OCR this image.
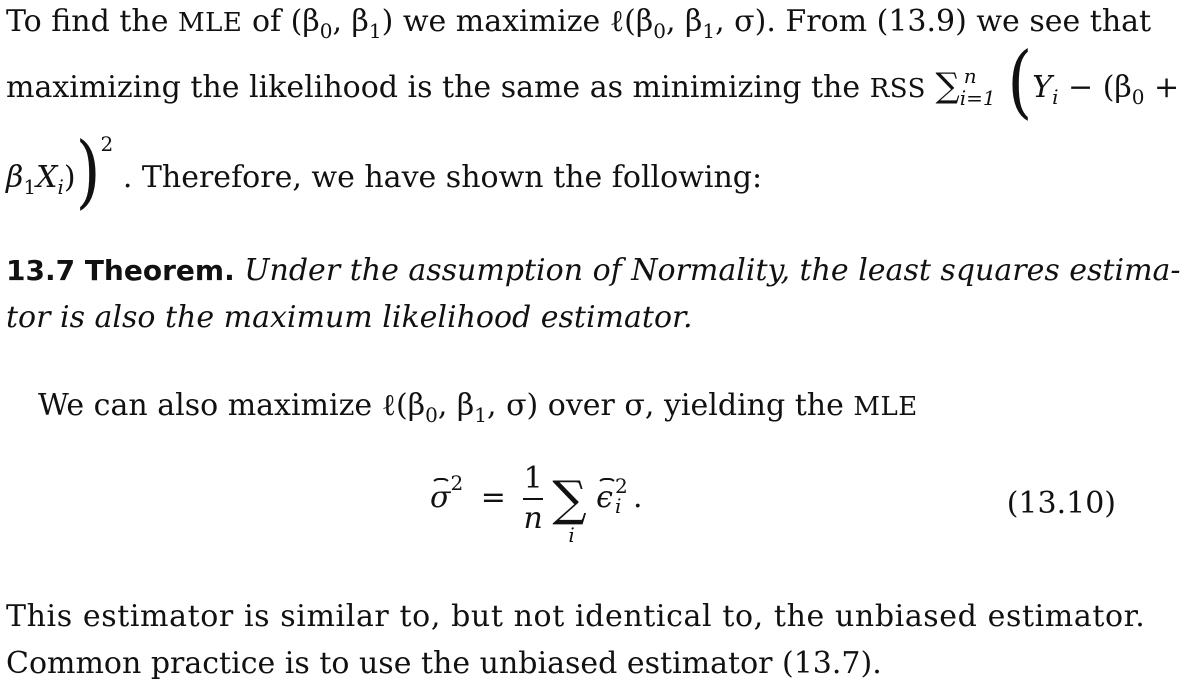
To find the MLE of ($\beta_0$, $\beta_1$) we maximize $\ell(\beta_0$, $\beta_1$, σ). From (13.9) we see that
maximizing the likelihood is the same as minimizing the RSS ∑ n
i=1 ($Y_i - (\beta_0$ +
$\beta_1X_i))^2$ . Therefore, we have shown the following:
13.7 Theorem. Under the assumption of Normality, the least squares estima-
tor is also the maximum likelihood estimator.
We can also maximize $\ell(\beta_0$, $\beta_1$, σ) over σ, yielding the MLE
$\sigma^2 = \frac{1}{n}$ ∑
i
ϵ 2
i .	(13.10)
This estimator is similar to, but not identical to, the unbiased estimator.
Common practice is to use the unbiased estimator (13.7).
